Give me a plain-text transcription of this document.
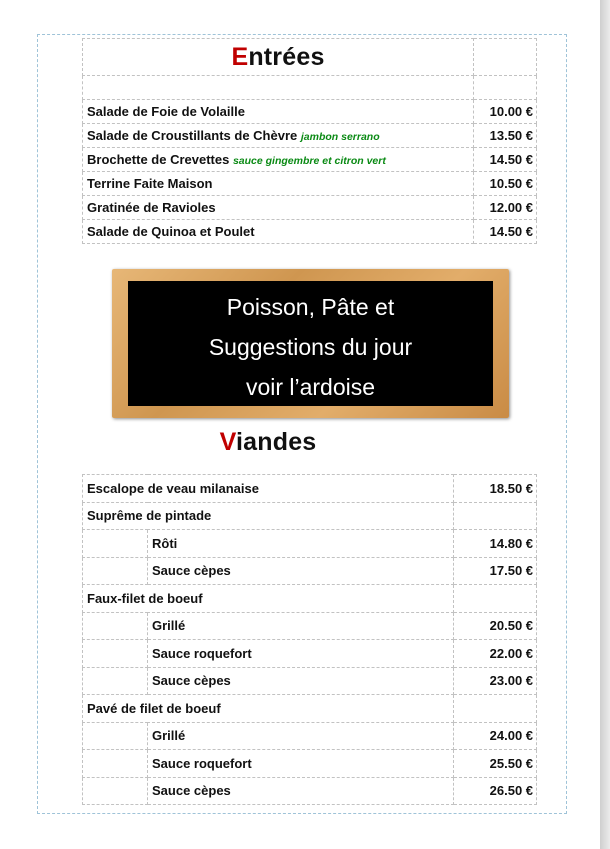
Entrées	

Salade de Foie de Volaille	10.00 €
Salade de Croustillants de Chèvre jambon serrano	13.50 €
Brochette de Crevettes sauce gingembre et citron vert	14.50 €
Terrine Faite Maison	10.50 €
Gratinée de Ravioles	12.00 €
Salade de Quinoa et Poulet	14.50 €
Poisson, Pâte et
Suggestions du jour
voir l’ardoise
Viandes
Escalope de veau milanaise		18.50 €
Suprême de pintade		
	Rôti	14.80 €
	Sauce cèpes	17.50 €
Faux-filet de boeuf		
	Grillé	20.50 €
	Sauce roquefort	22.00 €
	Sauce cèpes	23.00 €
Pavé de filet de boeuf		
	Grillé	24.00 €
	Sauce roquefort	25.50 €
	Sauce cèpes	26.50 €
